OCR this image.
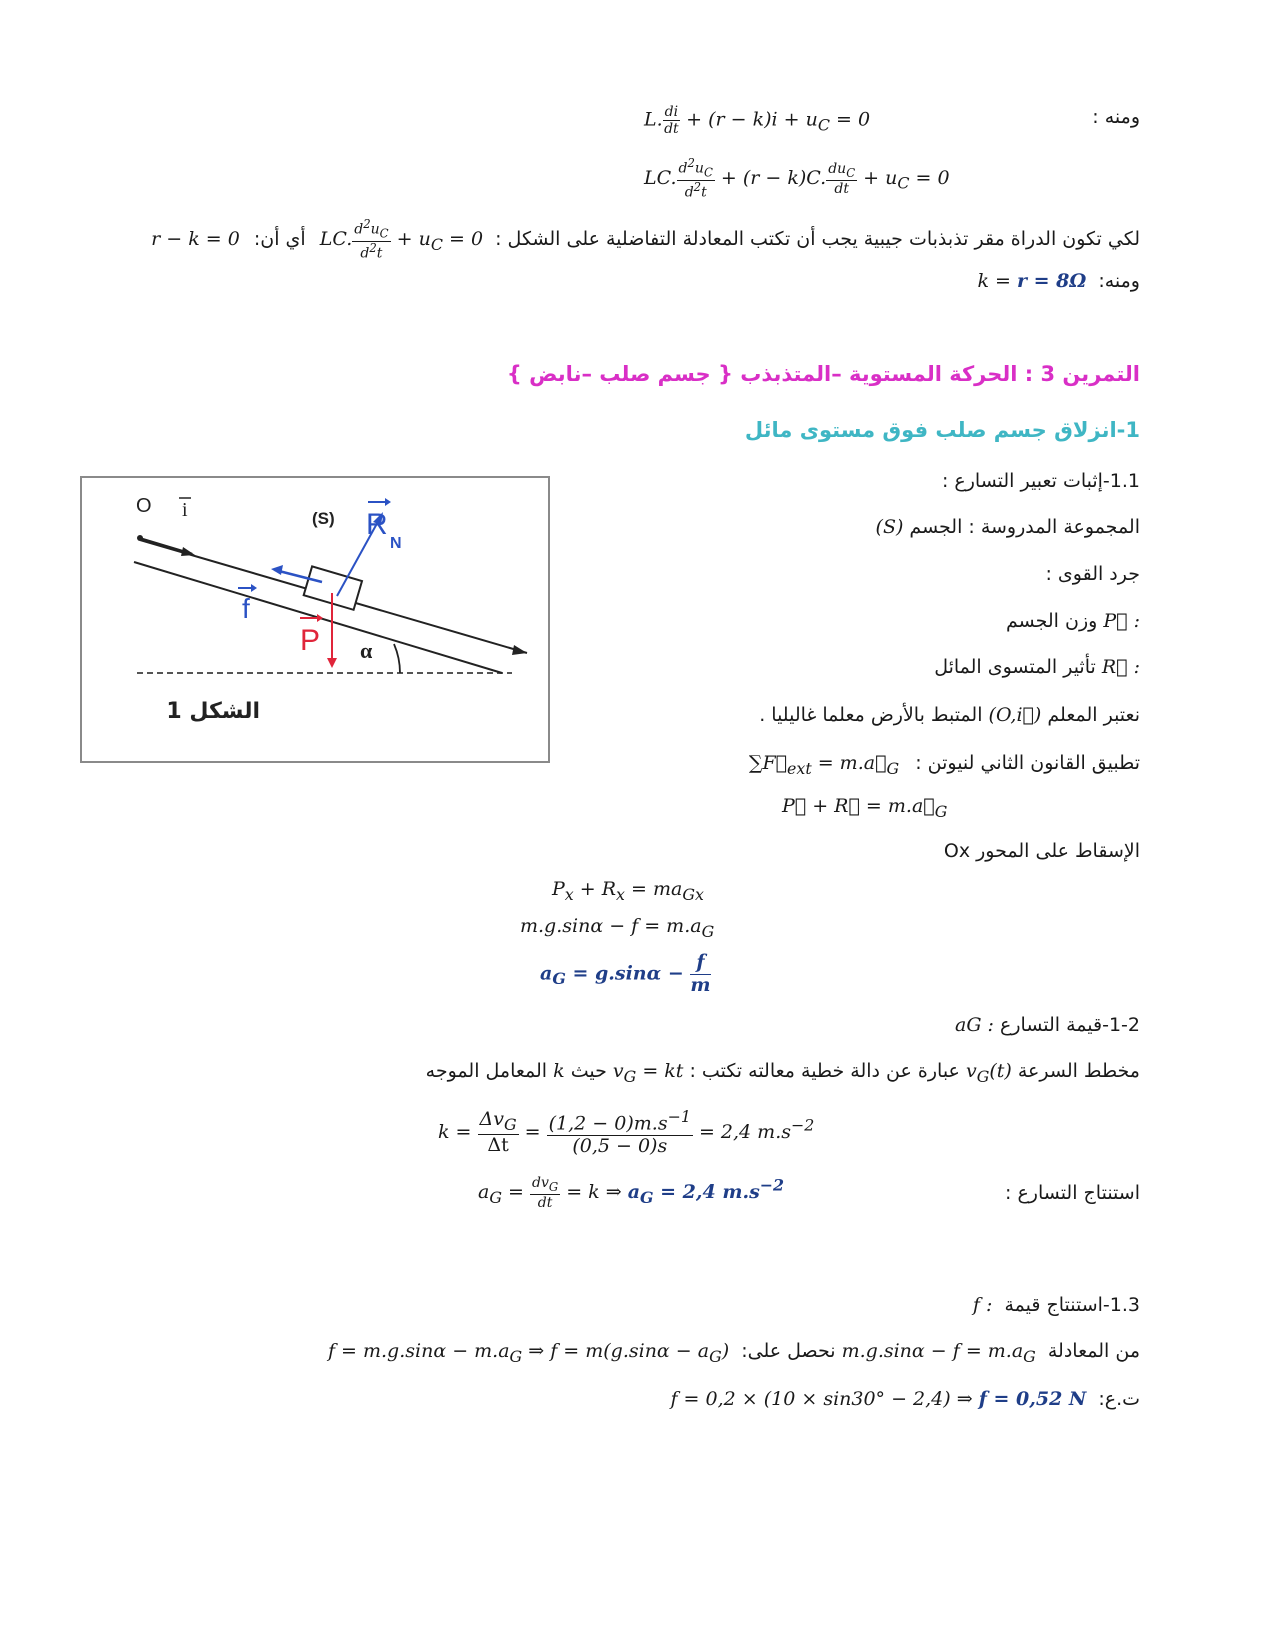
ومنه :
L. $\frac{di}{dt} + (r - k)i + u_C = 0$
LC. $\frac{d^2u_C}{d^2t} + (r - k)C$. $\frac{du_C}{dt} + u_C = 0$
لكي تكون الدراة مقر تذبذبات جيبية يجب أن تكتب المعادلة التفاضلية على الشكل : LC. $\frac{d^2u_C}{d^2t} + u_C = 0$ أي أن: r − k = 0
ومنه: k = r = 8Ω
التمرين 3 : الحركة المستوية –المتذبذب { جسم صلب –نابض }
1-انزلاق جسم صلب فوق مستوى مائل
1.1-إثبات تعبير التسارع :
المجموعة المدروسة : الجسم (S)
جرد القوى :
P⃗ : وزن الجسم
R⃗ : تأثير المتسوى المائل
نعتبر المعلم (O,i⃗) المتبط بالأرض معلما غاليليا .
تطبيق القانون الثاني لنيوتن : $\sum F⃗_{ext}$ = $m.a⃗_G$
P⃗ + R⃗ = $m.a⃗_G$
الإسقاط على المحور Ox
$P_x + R_x = ma_{Gx}$
$m.g.\sin\alpha - f = m.a_G$
$a_G = g.\sin\alpha - \frac{f}{m}$
O i	(S) R
N
f
P α
الشكل 1
1-2-قيمة التسارع aG :
مخطط السرعة $v_G(t)$ عبارة عن دالة خطية معالته تكتب : $v_G$ = kt حيث k المعامل الموجه
$k = \frac{\Delta v_G}{\Delta t} = \frac{(1,2 - 0)m.s^{-1}}{(0,5 - 0)s} = 2,4$ $m.s^{-2}$
استنتاج التسارع :
$a_G = \frac{dv_G}{dt} = k$ ⇒ $a_G = 2,4$ $m.s^{-2}$
1.3-استنتاج قيمة f :
من المعادلة $m.g.\sin\alpha - f = m.a_G$ نحصل على: $f = m.g.\sin\alpha - m.a_G$ ⇒ $f = m(g.\sin\alpha - a_G)$
ت.ع: f = 0,2 × (10 × sin30° − 2,4) ⇒ f = 0,52 N
